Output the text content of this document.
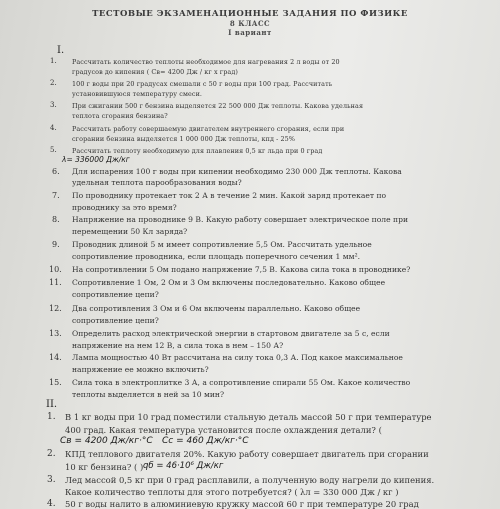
ТЕСТОВЫЕ ЭКЗАМЕНАЦИОННЫЕ ЗАДАНИЯ ПО ФИЗИКЕ
8 КЛАСС
I вариант
I.
1. Рассчитать количество теплоты необходимое для нагревания 2 л воды от 20
градусов до кипения ( Св= 4200 Дж / кг х град)
2. 100 г воды при 20 градусах смешали с 50 г воды при 100 град. Рассчитать
установившуюся температуру смеси.
3. При сжигании 500 г бензина выделяется 22 500 000 Дж теплоты. Какова удельная
теплота сгорания бензина?
4. Рассчитать работу совершаемую двигателем внутреннего сгорания, если при
сгорании бензина выделяется 1 000 000 Дж теплоты, кпд - 25%
5. Рассчитать теплоту необходимую для плавления 0,5 кг льда при 0 град
λ= 336000 Дж/кг
6. Для испарения 100 г воды при кипении необходимо 230 000 Дж теплоты. Какова
удельная теплота парообразования воды?
7. По проводнику протекает ток 2 А в течение 2 мин. Какой заряд протекает по
проводнику за это время?
8. Напряжение на проводнике 9 В. Какую работу совершает электрическое поле при
перемещении 50 Кл заряда?
9. Проводник длиной 5 м имеет сопротивление 5,5 Ом. Рассчитать удельное
сопротивление проводника, если площадь поперечного сечения 1 мм².
10. На сопротивлении 5 Ом подано напряжение 7,5 В. Какова сила тока в проводнике?
11. Сопротивление 1 Ом, 2 Ом и 3 Ом включены последовательно. Каково общее
сопротивление цепи?
12. Два сопротивления 3 Ом и 6 Ом включены параллельно. Каково общее
сопротивление цепи?
13. Определить расход электрической энергии в стартовом двигателе за 5 с, если
напряжение на нем 12 В, а сила тока в нем – 150 А?
14. Лампа мощностью 40 Вт рассчитана на силу тока 0,3 А. Под какое максимальное
напряжение ее можно включить?
15. Сила тока в электроплитке 3 А, а сопротивление спирали 55 Ом. Какое количество
теплоты выделяется в ней за 10 мин?
II.
1. В 1 кг воды при 10 град поместили стальную деталь массой 50 г при температуре
400 град. Какая температура установится после охлаждения детали? (
Св = 4200 Дж/кг·°С Сс = 460 Дж/кг·°С
2. КПД теплового двигателя 20%. Какую работу совершает двигатель при сгорании
10 кг бензина? ( ) qб = 46·10⁶ Дж/кг
3. Лед массой 0,5 кг при 0 град расплавили, а полученную воду нагрели до кипения.
Какое количество теплоты для этого потребуется? ( λл = 330 000 Дж / кг )
4. 50 г воды налито в алюминиевую кружку массой 60 г при температуре 20 град
